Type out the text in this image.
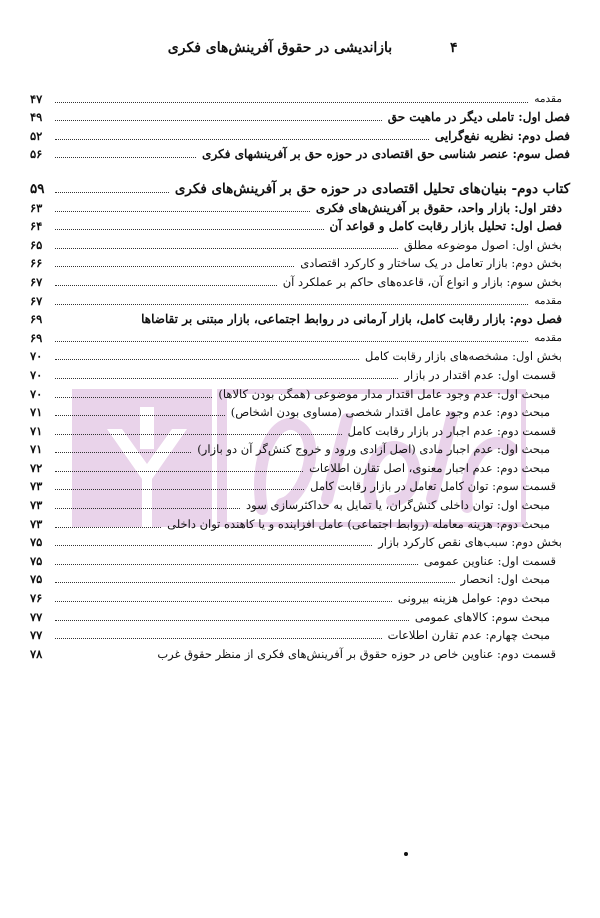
بازاندیشی در حقوق آفرینش‌های فکری	۴
مقدمه
۴۷
فصل اول: تاملی دیگر در ماهیت حق
۴۹
فصل دوم: نظریه نفع‌گرایی
۵۲
فصل سوم: عنصر شناسی حق اقتصادی در حوزه حق بر آفرینشهای فکری
۵۶
کتاب دوم- بنیان‌های تحلیل اقتصادی در حوزه حق بر آفرینش‌های فکری
۵۹
دفتر اول: بازار واحد، حقوق بر آفرینش‌های فکری
۶۳
فصل اول: تحلیل بازار رقابت کامل و قواعد آن
۶۴
بخش اول: اصول موضوعه مطلق
۶۵
بخش دوم: بازار تعامل در یک ساختار و کارکرد اقتصادی
۶۶
بخش سوم: بازار و انواع آن، قاعده‌های حاکم بر عملکرد آن
۶۷
مقدمه
۶۷
فصل دوم: بازار رقابت کامل، بازار آرمانی در روابط اجتماعی، بازار مبتنی بر تقاضاها
۶۹
مقدمه
۶۹
بخش اول: مشخصه‌های بازار رقابت کامل
۷۰
قسمت اول: عدم اقتدار در بازار
۷۰
مبحث اول: عدم وجود عامل اقتدار مدار موضوعی (همگن بودن کالاها)
۷۰
مبحث دوم: عدم وجود عامل اقتدار شخصی (مساوی بودن اشخاص)
۷۱
قسمت دوم: عدم اجبار در بازار رقابت کامل
۷۱
مبحث اول: عدم اجبار مادی (اصل آزادی ورود و خروج کنش‌گر آن دو بازار)
۷۱
مبحث دوم: عدم اجبار معنوی، اصل تقارن اطلاعات
۷۲
قسمت سوم: توان کامل تعامل در بازار رقابت کامل
۷۳
مبحث اول: توان داخلی کنش‌گران، یا تمایل به حداکثرسازی سود
۷۳
مبحث دوم: هزینه معامله (روابط اجتماعی) عامل افزاینده و یا کاهنده توان داخلی
۷۳
بخش دوم: سبب‌های نقص کارکرد بازار
۷۵
قسمت اول: عناوین عمومی
۷۵
مبحث اول: انحصار
۷۵
مبحث دوم: عوامل هزینه بیرونی
۷۶
مبحث سوم: کالاهای عمومی
۷۷
مبحث چهارم: عدم تقارن اطلاعات
۷۷
قسمت دوم: عناوین خاص در حوزه حقوق بر آفرینش‌های فکری از منظر حقوق غرب
۷۸
